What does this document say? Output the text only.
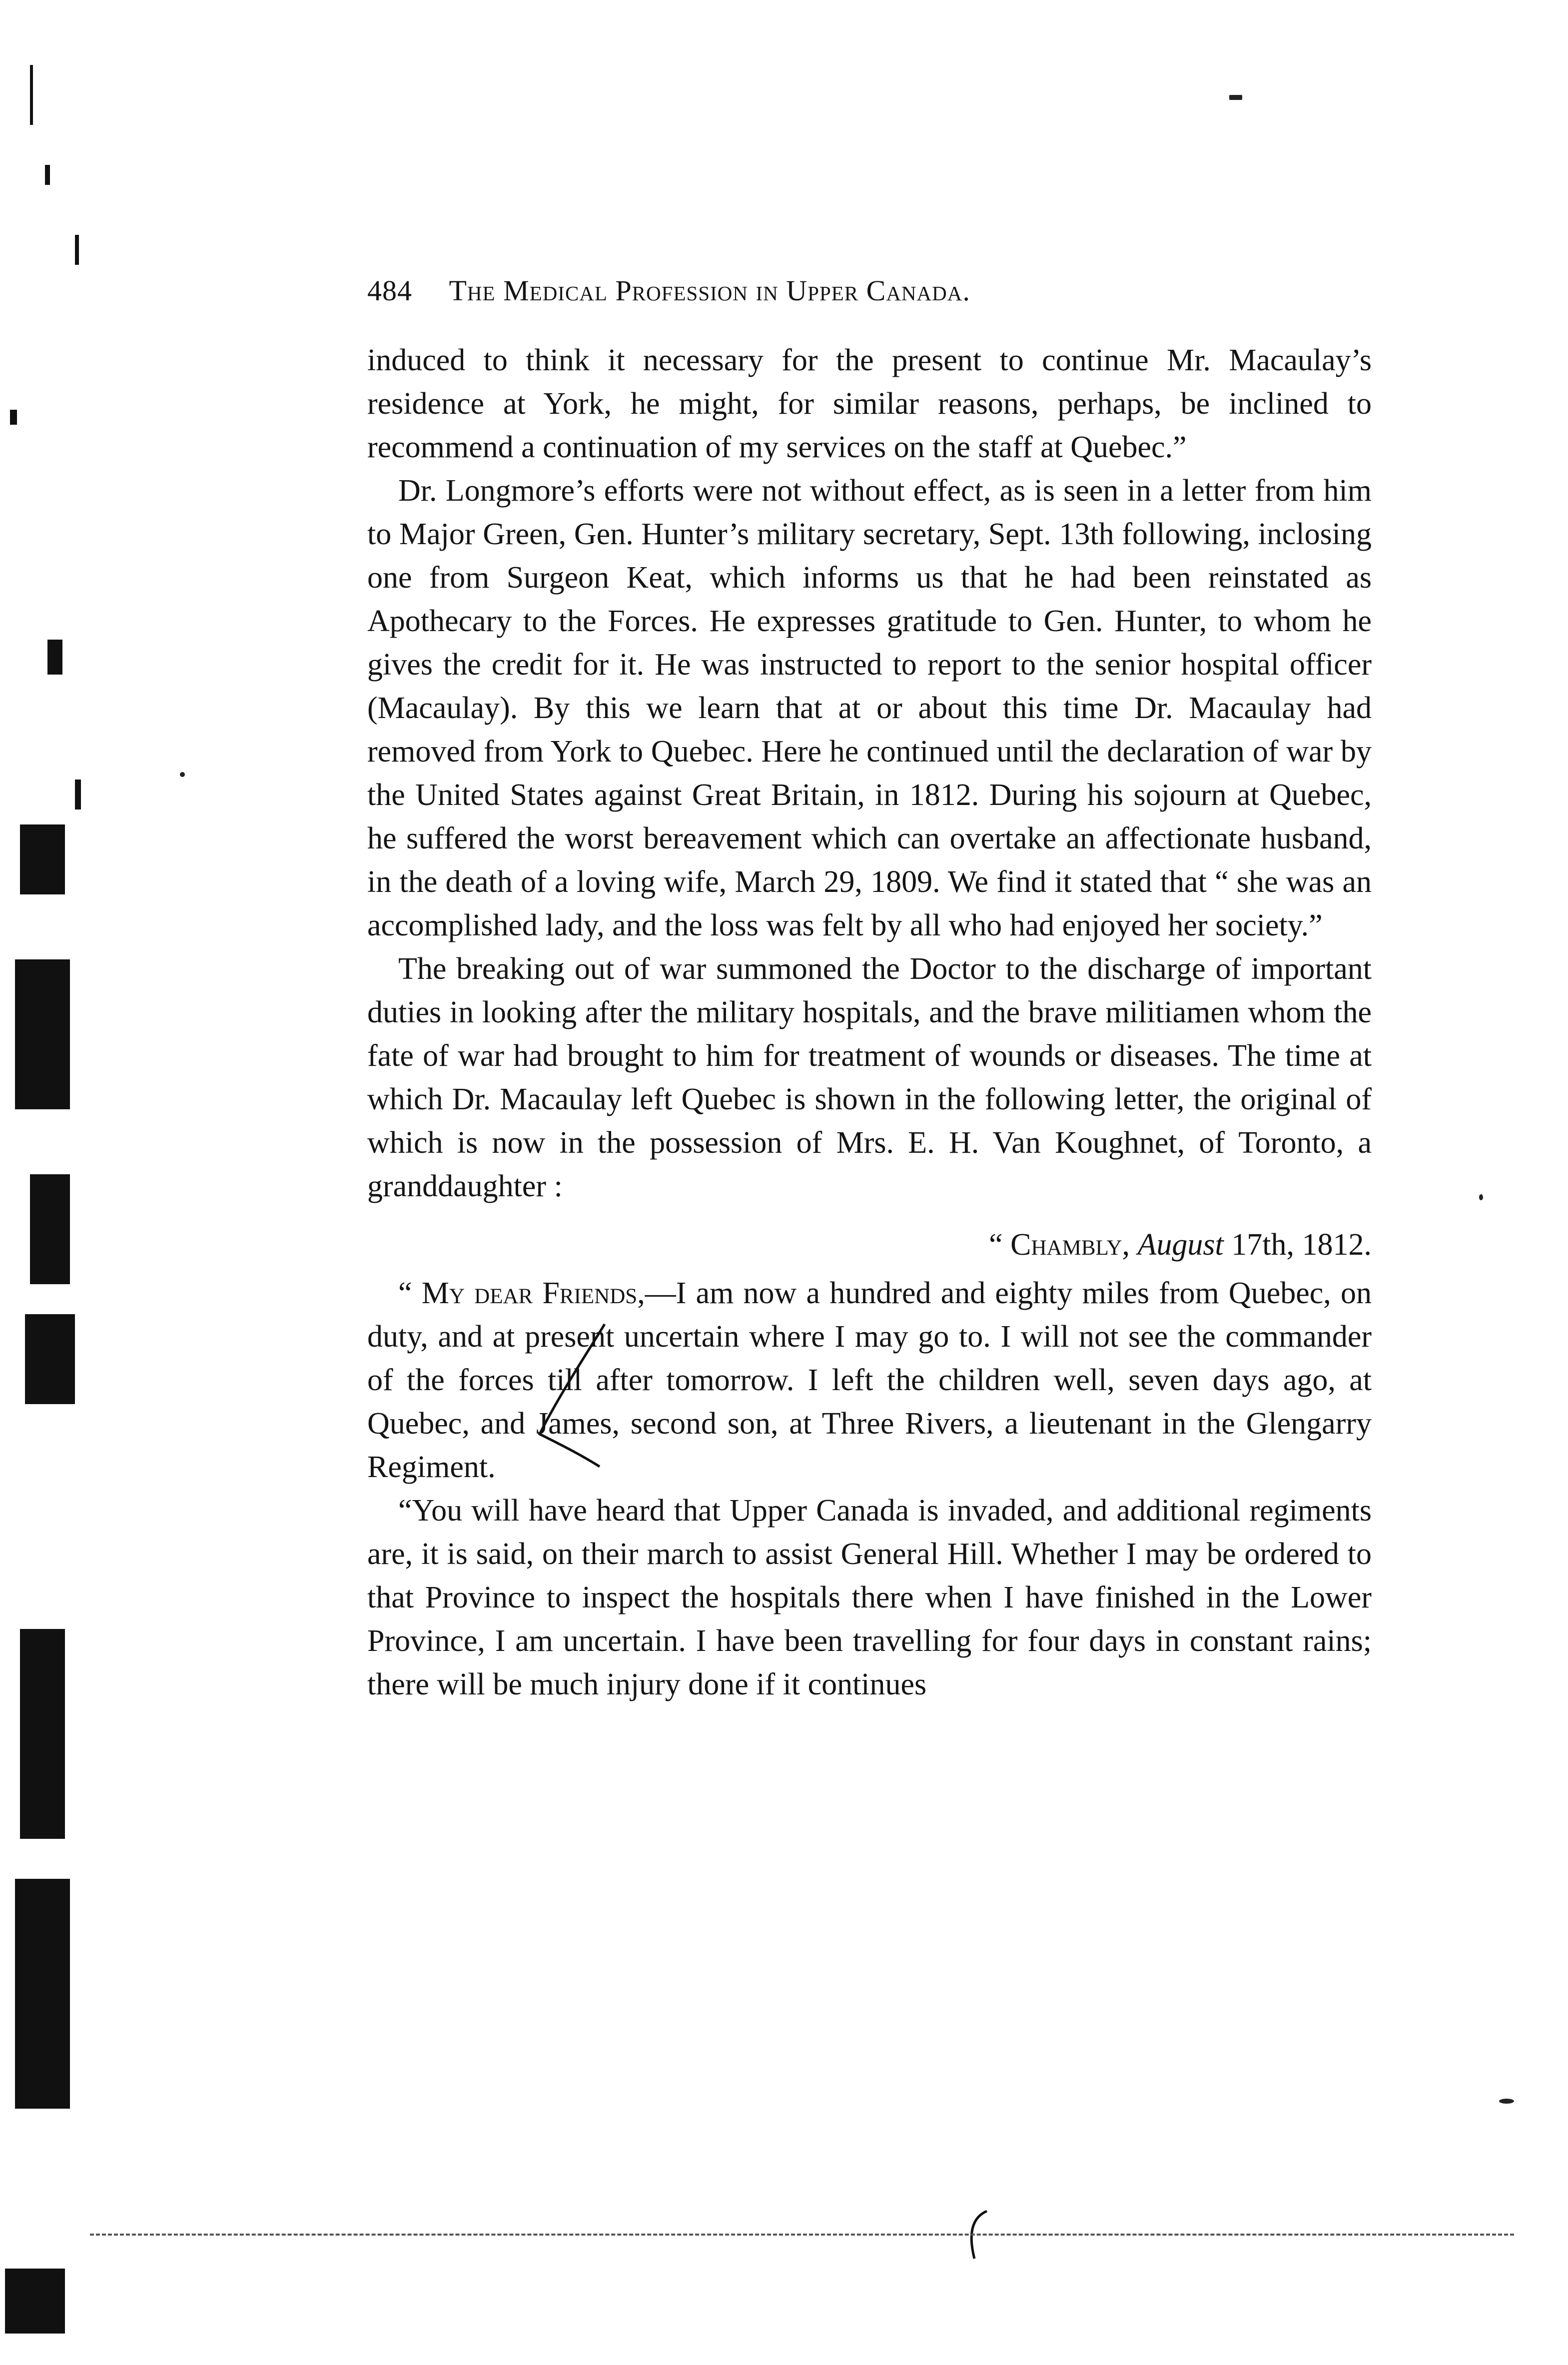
484 The Medical Profession in Upper Canada.

induced to think it necessary for the present to continue Mr. Macaulay’s residence at York, he might, for similar reasons, perhaps, be inclined to recommend a continuation of my services on the staff at Quebec.”

Dr. Longmore’s efforts were not without effect, as is seen in a letter from him to Major Green, Gen. Hunter’s military secretary, Sept. 13th following, inclosing one from Surgeon Keat, which informs us that he had been reinstated as Apothecary to the Forces. He expresses gratitude to Gen. Hunter, to whom he gives the credit for it. He was instructed to report to the senior hospital officer (Macaulay). By this we learn that at or about this time Dr. Macaulay had removed from York to Quebec. Here he continued until the declaration of war by the United States against Great Britain, in 1812. During his sojourn at Quebec, he suffered the worst bereavement which can overtake an affectionate husband, in the death of a loving wife, March 29, 1809. We find it stated that “ she was an accomplished lady, and the loss was felt by all who had enjoyed her society.”

The breaking out of war summoned the Doctor to the discharge of important duties in looking after the military hospitals, and the brave militiamen whom the fate of war had brought to him for treatment of wounds or diseases. The time at which Dr. Macaulay left Quebec is shown in the following letter, the original of which is now in the possession of Mrs. E. H. Van Koughnet, of Toronto, a granddaughter :

“ Chambly, August 17th, 1812.

“ My dear Friends,—I am now a hundred and eighty miles from Quebec, on duty, and at present uncertain where I may go to. I will not see the commander of the forces till after tomorrow. I left the children well, seven days ago, at Quebec, and James, second son, at Three Rivers, a lieutenant in the Glengarry Regiment.

“You will have heard that Upper Canada is invaded, and additional regiments are, it is said, on their march to assist General Hill. Whether I may be ordered to that Province to inspect the hospitals there when I have finished in the Lower Province, I am uncertain. I have been travelling for four days in constant rains; there will be much injury done if it continues
